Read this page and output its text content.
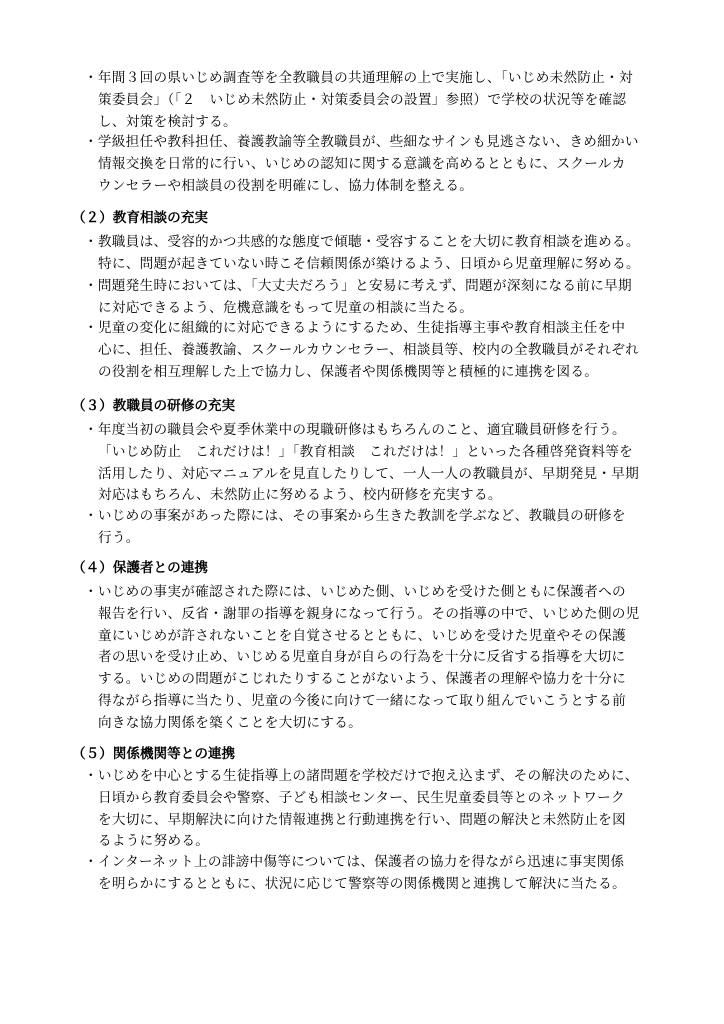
・年間３回の県いじめ調査等を全教職員の共通理解の上で実施し、「いじめ未然防止・対
策委員会」（「２　いじめ未然防止・対策委員会の設置」参照）で学校の状況等を確認
し、対策を検討する。
・学級担任や教科担任、養護教諭等全教職員が、些細なサインも見逃さない、きめ細かい
情報交換を日常的に行い、いじめの認知に関する意識を高めるとともに、スクールカ
ウンセラーや相談員の役割を明確にし、協力体制を整える。
（２）教育相談の充実
・教職員は、受容的かつ共感的な態度で傾聴・受容することを大切に教育相談を進める。
特に、問題が起きていない時こそ信頼関係が築けるよう、日頃から児童理解に努める。
・問題発生時においては、「大丈夫だろう」と安易に考えず、問題が深刻になる前に早期
に対応できるよう、危機意識をもって児童の相談に当たる。
・児童の変化に組織的に対応できるようにするため、生徒指導主事や教育相談主任を中
心に、担任、養護教諭、スクールカウンセラー、相談員等、校内の全教職員がそれぞれ
の役割を相互理解した上で協力し、保護者や関係機関等と積極的に連携を図る。
（３）教職員の研修の充実
・年度当初の職員会や夏季休業中の現職研修はもちろんのこと、適宜職員研修を行う。
「いじめ防止　これだけは！」「教育相談　これだけは！」といった各種啓発資料等を
活用したり、対応マニュアルを見直したりして、一人一人の教職員が、早期発見・早期
対応はもちろん、未然防止に努めるよう、校内研修を充実する。
・いじめの事案があった際には、その事案から生きた教訓を学ぶなど、教職員の研修を
行う。
（４）保護者との連携
・いじめの事実が確認された際には、いじめた側、いじめを受けた側ともに保護者への
報告を行い、反省・謝罪の指導を親身になって行う。その指導の中で、いじめた側の児
童にいじめが許されないことを自覚させるとともに、いじめを受けた児童やその保護
者の思いを受け止め、いじめる児童自身が自らの行為を十分に反省する指導を大切に
する。いじめの問題がこじれたりすることがないよう、保護者の理解や協力を十分に
得ながら指導に当たり、児童の今後に向けて一緒になって取り組んでいこうとする前
向きな協力関係を築くことを大切にする。
（５）関係機関等との連携
・いじめを中心とする生徒指導上の諸問題を学校だけで抱え込まず、その解決のために、
日頃から教育委員会や警察、子ども相談センター、民生児童委員等とのネットワーク
を大切に、早期解決に向けた情報連携と行動連携を行い、問題の解決と未然防止を図
るように努める。
・インターネット上の誹謗中傷等については、保護者の協力を得ながら迅速に事実関係
を明らかにするとともに、状況に応じて警察等の関係機関と連携して解決に当たる。
